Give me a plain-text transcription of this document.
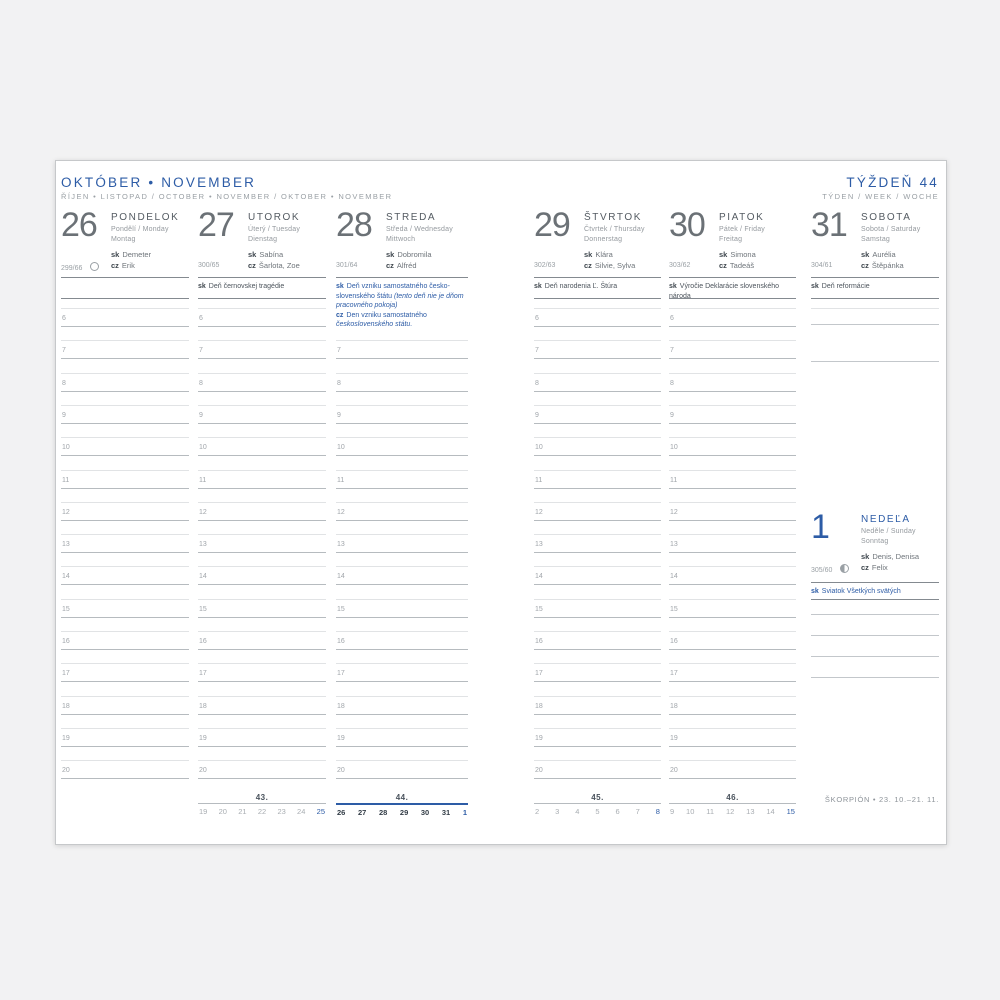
OKTÓBER • NOVEMBER
ŘÍJEN • LISTOPAD / OCTOBER • NOVEMBER / OKTOBER • NOVEMBER
TÝŽDEŇ 44
TÝDEN / WEEK / WOCHE
26 PONDELOK
Pondělí / Monday
Montag
sk Demeter
cz Erik
299/66
6
7
8
9
10
11
12
13
14
15
16
17
18
19
20
27 UTOROK
Úterý / Tuesday
Dienstag
sk Sabína
cz Šarlota, Zoe
300/65
sk Deň černovskej tragédie
6
7
8
9
10
11
12
13
14
15
16
17
18
19
20
28 STREDA
Středa / Wednesday
Mittwoch
sk Dobromila
cz Alfréd
301/64
sk Deň vzniku samostatného česko-slovenského štátu (tento deň nie je dňom pracovného pokoja)
cz Den vzniku samostatného československého státu.
7
8
9
10
11
12
13
14
15
16
17
18
19
20
29 ŠTVRTOK
Čtvrtek / Thursday
Donnerstag
sk Klára
cz Silvie, Sylva
302/63
sk Deň narodenia Ľ. Štúra
6
7
8
9
10
11
12
13
14
15
16
17
18
19
20
30 PIATOK
Pátek / Friday
Freitag
sk Simona
cz Tadeáš
303/62
sk Výročie Deklarácie slovenského národa
6
7
8
9
10
11
12
13
14
15
16
17
18
19
20
31 SOBOTA
Sobota / Saturday
Samstag
sk Aurélia
cz Štěpánka
304/61
sk Deň reformácie
1	NEDEĽA
Neděle / Sunday
Sonntag
sk Denis, Denisa
cz Felix
305/60
sk Sviatok Všetkých svätých
43.
19 20 21 22 23 24 25
44.
26 27 28 29 30 31 1
45.
2 3 4 5 6 7 8
46.
9 10 11 12 13 14 15
ŠKORPIÓN • 23. 10.–21. 11.
